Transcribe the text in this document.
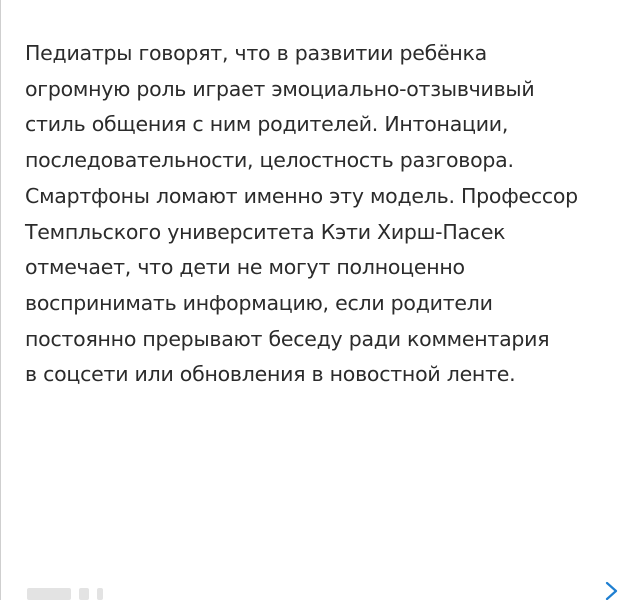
Педиатры говорят, что в развитии ребёнка
огромную роль играет эмоциально-отзывчивый
стиль общения с ним родителей. Интонации,
последовательности, целостность разговора.
Смартфоны ломают именно эту модель. Профессор
Темпльского университета Кэти Хирш-Пасек
отмечает, что дети не могут полноценно
воспринимать информацию, если родители
постоянно прерывают беседу ради комментария
в соцсети или обновления в новостной ленте.
